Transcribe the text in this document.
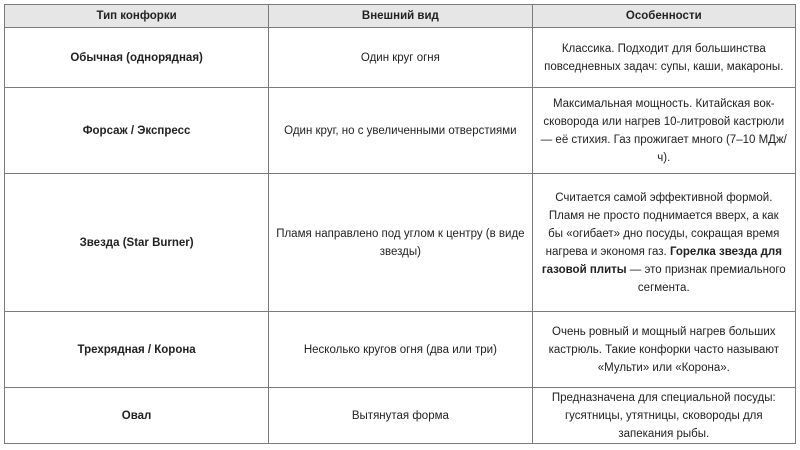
Тип конфорки	Внешний вид	Особенности
Обычная (однорядная)	Один круг огня	Классика. Подходит для большинства повседневных задач: супы, каши, макароны.
Форсаж / Экспресс	Один круг, но с увеличенными отверстиями	Максимальная мощность. Китайская вок-сковорода или нагрев 10-литровой кастрюли — её стихия. Газ прожигает много (7–10 МДж/ч).
Звезда (Star Burner)	Пламя направлено под углом к центру (в виде звезды)	Считается самой эффективной формой. Пламя не просто поднимается вверх, а как бы «огибает» дно посуды, сокращая время нагрева и экономя газ. Горелка звезда для газовой плиты — это признак премиального сегмента.
Трехрядная / Корона	Несколько кругов огня (два или три)	Очень ровный и мощный нагрев больших кастрюль. Такие конфорки часто называют «Мульти» или «Корона».
Овал	Вытянутая форма	Предназначена для специальной посуды: гусятницы, утятницы, сковороды для запекания рыбы.
